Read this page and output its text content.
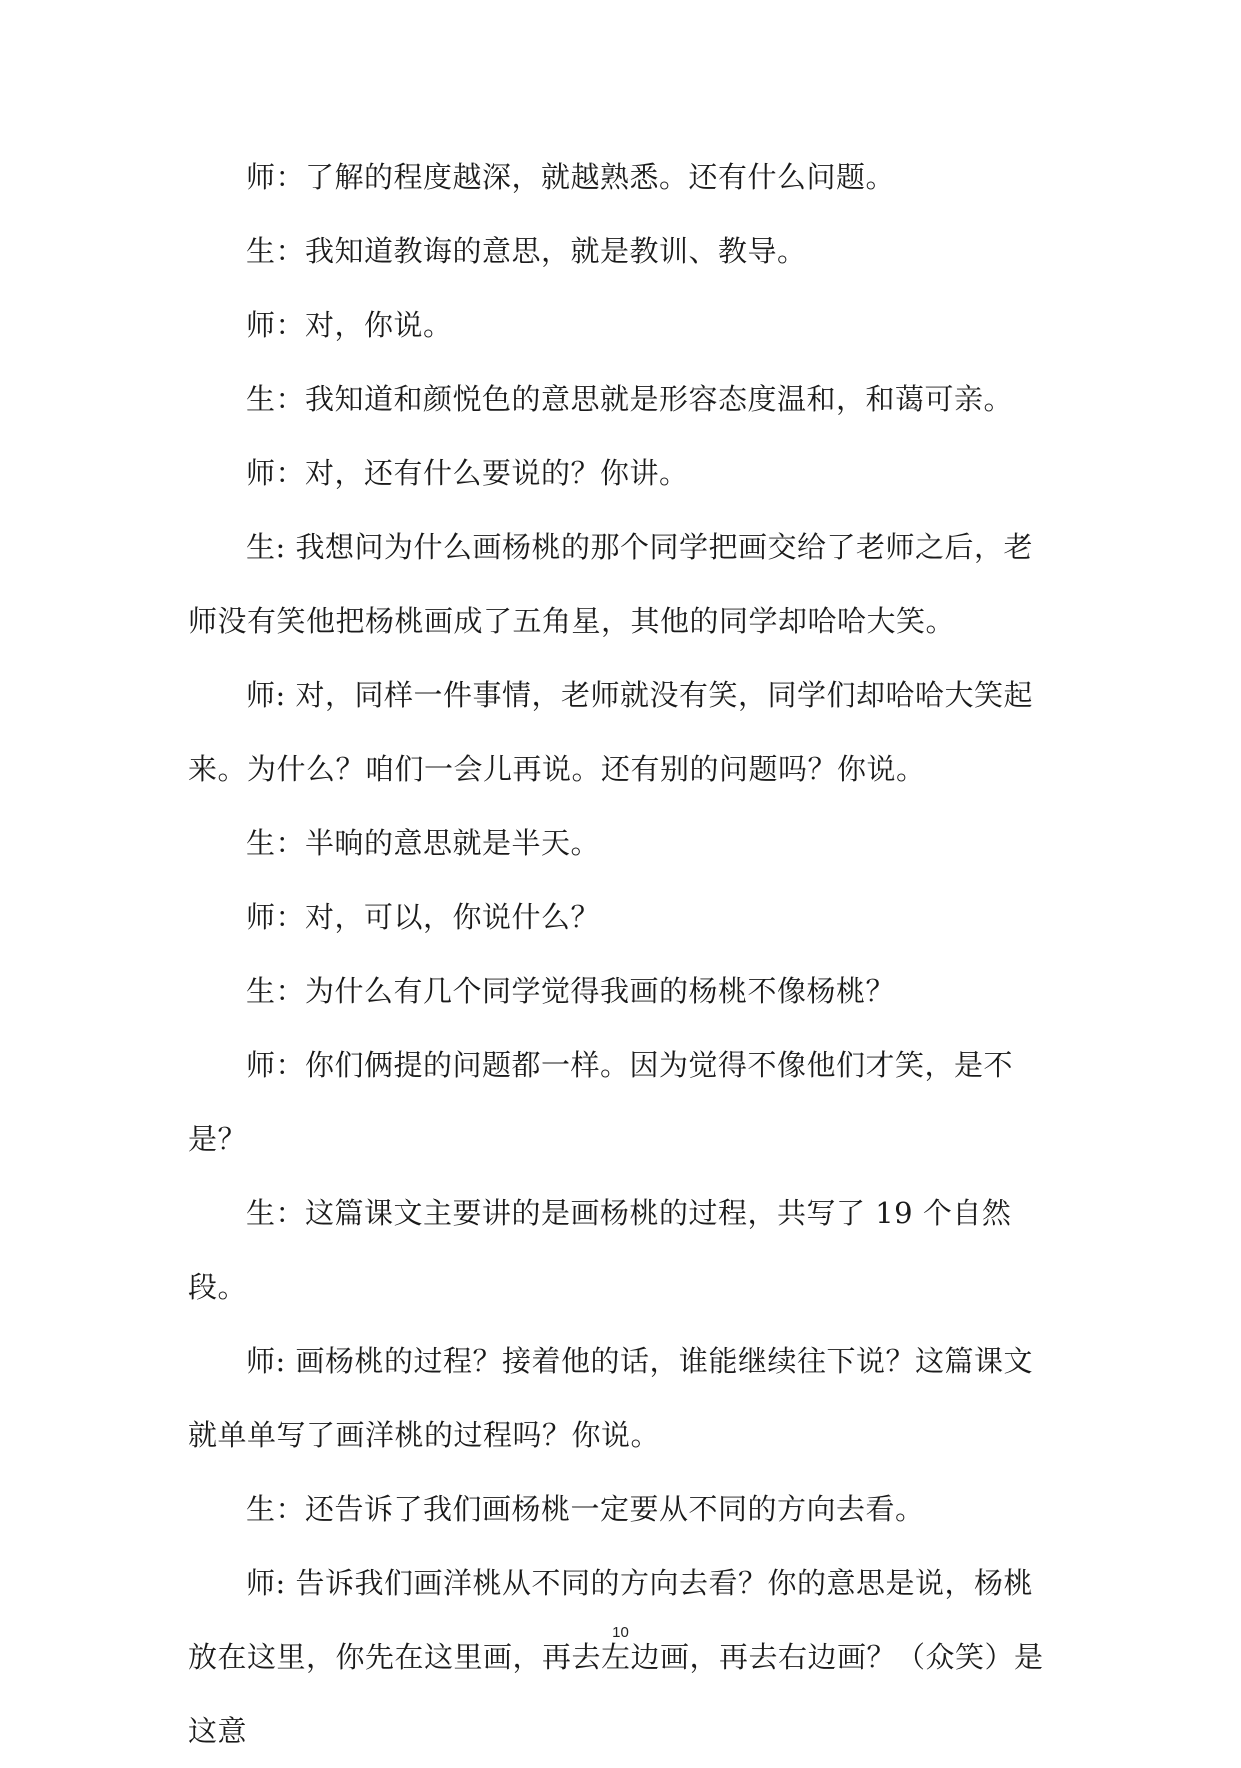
师：了解的程度越深，就越熟悉。还有什么问题。

生：我知道教诲的意思，就是教训、教导。

师：对，你说。

生：我知道和颜悦色的意思就是形容态度温和，和蔼可亲。

师：对，还有什么要说的？你讲。

生: 我想问为什么画杨桃的那个同学把画交给了老师之后，老师没有笑他把杨桃画成了五角星，其他的同学却哈哈大笑。

师: 对，同样一件事情，老师就没有笑，同学们却哈哈大笑起来。为什么？咱们一会儿再说。还有别的问题吗？你说。

生：半晌的意思就是半天。

师：对，可以，你说什么？

生：为什么有几个同学觉得我画的杨桃不像杨桃？

师：你们俩提的问题都一样。因为觉得不像他们才笑，是不是？

生：这篇课文主要讲的是画杨桃的过程，共写了 19 个自然段。

师: 画杨桃的过程？接着他的话，谁能继续往下说？这篇课文就单单写了画洋桃的过程吗？你说。

生：还告诉了我们画杨桃一定要从不同的方向去看。

师: 告诉我们画洋桃从不同的方向去看？你的意思是说，杨桃放在这里，你先在这里画，再去左边画，再去右边画？（众笑）是这意

10
